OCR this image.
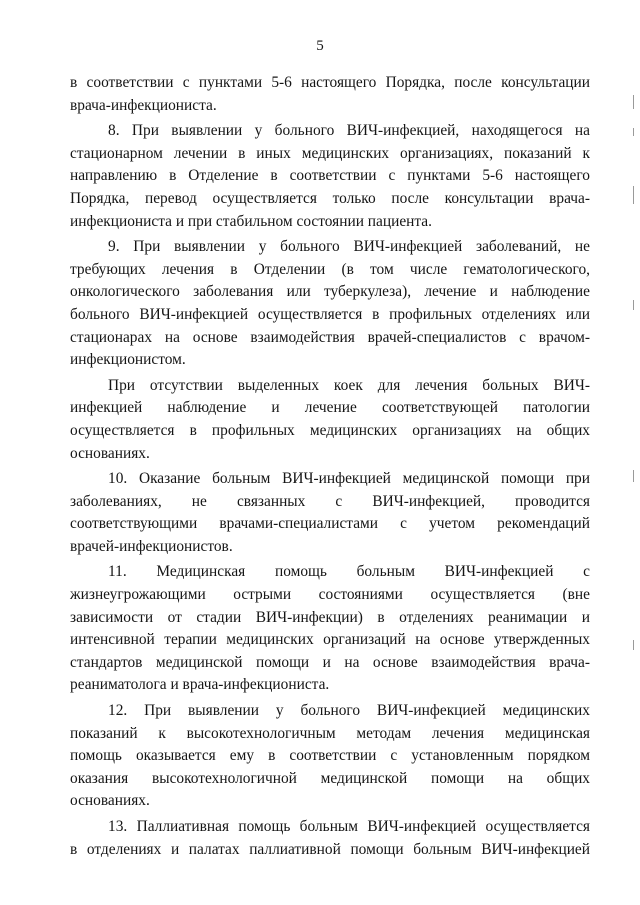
5

в соответствии с пунктами 5-6 настоящего Порядка, после консультации
врача-инфекциониста.

8. При выявлении у больного ВИЧ-инфекцией, находящегося на
стационарном лечении в иных медицинских организациях, показаний к
направлению в Отделение в соответствии с пунктами 5-6 настоящего
Порядка, перевод осуществляется только после консультации врача-
инфекциониста и при стабильном состоянии пациента.

9. При выявлении у больного ВИЧ-инфекцией заболеваний, не
требующих лечения в Отделении (в том числе гематологического,
онкологического заболевания или туберкулеза), лечение и наблюдение
больного ВИЧ-инфекцией осуществляется в профильных отделениях или
стационарах на основе взаимодействия врачей-специалистов с врачом-
инфекционистом.

При отсутствии выделенных коек для лечения больных ВИЧ-
инфекцией наблюдение и лечение соответствующей патологии
осуществляется в профильных медицинских организациях на общих
основаниях.

10. Оказание больным ВИЧ-инфекцией медицинской помощи при
заболеваниях, не связанных с ВИЧ-инфекцией, проводится
соответствующими врачами-специалистами с учетом рекомендаций
врачей-инфекционистов.

11. Медицинская помощь больным ВИЧ-инфекцией с
жизнеугрожающими острыми состояниями осуществляется (вне
зависимости от стадии ВИЧ-инфекции) в отделениях реанимации и
интенсивной терапии медицинских организаций на основе утвержденных
стандартов медицинской помощи и на основе взаимодействия врача-
реаниматолога и врача-инфекциониста.

12. При выявлении у больного ВИЧ-инфекцией медицинских
показаний к высокотехнологичным методам лечения медицинская
помощь оказывается ему в соответствии с установленным порядком
оказания высокотехнологичной медицинской помощи на общих
основаниях.

13. Паллиативная помощь больным ВИЧ-инфекцией осуществляется
в отделениях и палатах паллиативной помощи больным ВИЧ-инфекцией
